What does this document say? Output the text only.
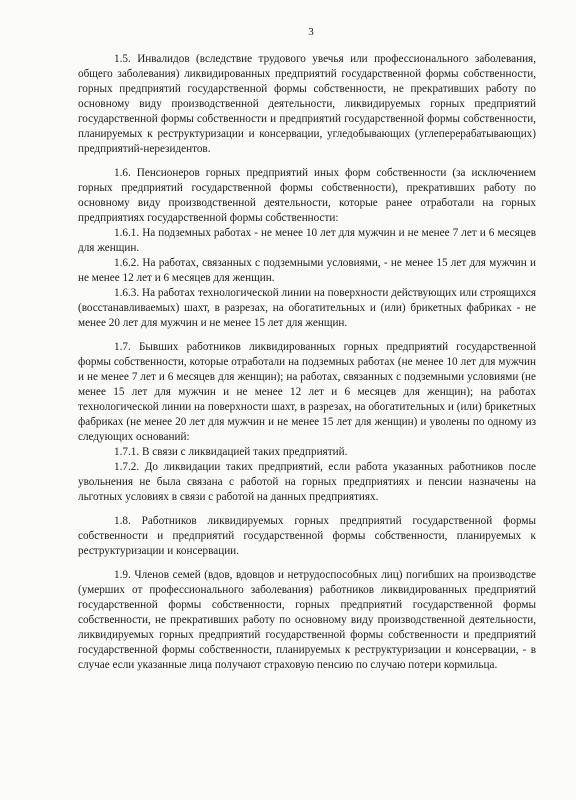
3

1.5. Инвалидов (вследствие трудового увечья или профессионального заболевания, общего заболевания) ликвидированных предприятий государственной формы собственности, горных предприятий государственной формы собственности, не прекративших работу по основному виду производственной деятельности, ликвидируемых горных предприятий государственной формы собственности и предприятий государственной формы собственности, планируемых к реструктуризации и консервации, угледобывающих (углеперерабатывающих) предприятий-нерезидентов.

1.6. Пенсионеров горных предприятий иных форм собственности (за исключением горных предприятий государственной формы собственности), прекративших работу по основному виду производственной деятельности, которые ранее отработали на горных предприятиях государственной формы собственности:

1.6.1. На подземных работах - не менее 10 лет для мужчин и не менее 7 лет и 6 месяцев для женщин.

1.6.2. На работах, связанных с подземными условиями, - не менее 15 лет для мужчин и не менее 12 лет и 6 месяцев для женщин.

1.6.3. На работах технологической линии на поверхности действующих или строящихся (восстанавливаемых) шахт, в разрезах, на обогатительных и (или) брикетных фабриках - не менее 20 лет для мужчин и не менее 15 лет для женщин.

1.7. Бывших работников ликвидированных горных предприятий государственной формы собственности, которые отработали на подземных работах (не менее 10 лет для мужчин и не менее 7 лет и 6 месяцев для женщин); на работах, связанных с подземными условиями (не менее 15 лет для мужчин и не менее 12 лет и 6 месяцев для женщин); на работах технологической линии на поверхности шахт, в разрезах, на обогатительных и (или) брикетных фабриках (не менее 20 лет для мужчин и не менее 15 лет для женщин) и уволены по одному из следующих оснований:

1.7.1. В связи с ликвидацией таких предприятий.

1.7.2. До ликвидации таких предприятий, если работа указанных работников после увольнения не была связана с работой на горных предприятиях и пенсии назначены на льготных условиях в связи с работой на данных предприятиях.

1.8. Работников ликвидируемых горных предприятий государственной формы собственности и предприятий государственной формы собственности, планируемых к реструктуризации и консервации.

1.9. Членов семей (вдов, вдовцов и нетрудоспособных лиц) погибших на производстве (умерших от профессионального заболевания) работников ликвидированных предприятий государственной формы собственности, горных предприятий государственной формы собственности, не прекративших работу по основному виду производственной деятельности, ликвидируемых горных предприятий государственной формы собственности и предприятий государственной формы собственности, планируемых к реструктуризации и консервации, - в случае если указанные лица получают страховую пенсию по случаю потери кормильца.
